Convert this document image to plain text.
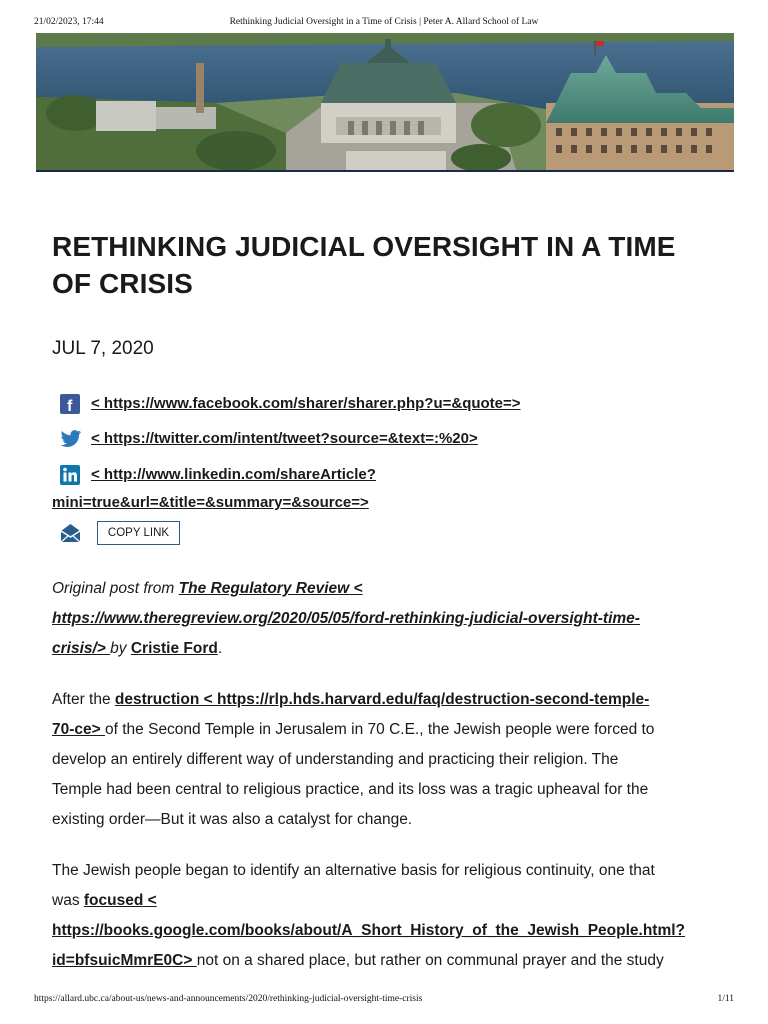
21/02/2023, 17:44	Rethinking Judicial Oversight in a Time of Crisis | Peter A. Allard School of Law
RETHINKING JUDICIAL OVERSIGHT IN A TIME OF CRISIS
JUL 7, 2020
f < https://www.facebook.com/sharer/sharer.php?u=&quote=>
< https://twitter.com/intent/tweet?source=&text=:%20>
< http://www.linkedin.com/shareArticle?
mini=true&url=&title=&summary=&source=>
COPY LINK
Original post from The Regulatory Review <
https://www.theregreview.org/2020/05/05/ford-rethinking-judicial-oversight-time-
crisis/> by Cristie Ford.
After the destruction < https://rlp.hds.harvard.edu/faq/destruction-second-temple-
70-ce> of the Second Temple in Jerusalem in 70 C.E., the Jewish people were forced to
develop an entirely different way of understanding and practicing their religion. The
Temple had been central to religious practice, and its loss was a tragic upheaval for the
existing order—But it was also a catalyst for change.
The Jewish people began to identify an alternative basis for religious continuity, one that
was focused <
https://books.google.com/books/about/A_Short_History_of_the_Jewish_People.html?
id=bfsuicMmrE0C> not on a shared place, but rather on communal prayer and the study
https://allard.ubc.ca/about-us/news-and-announcements/2020/rethinking-judicial-oversight-time-crisis	1/11
